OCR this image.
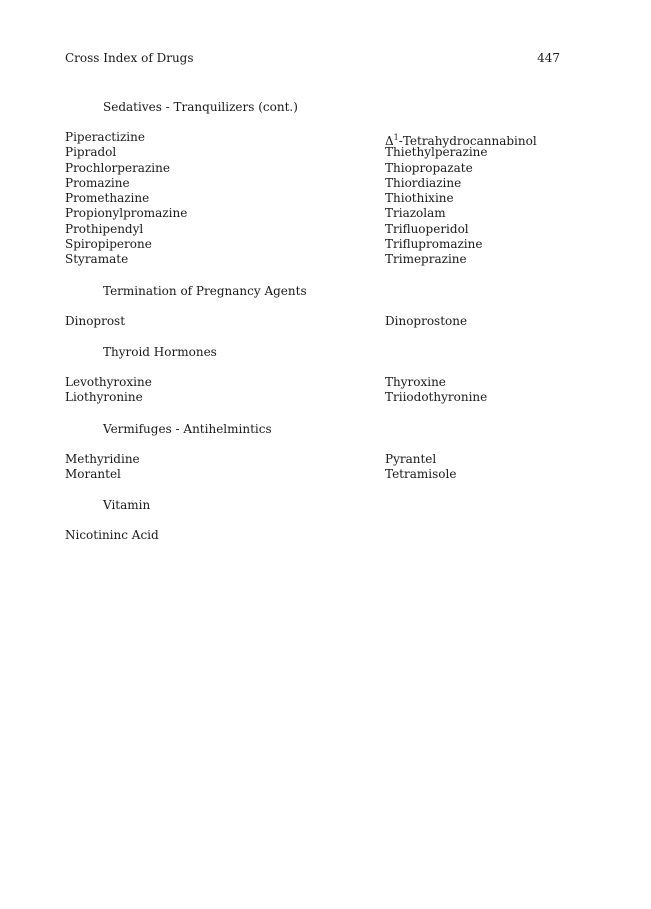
Cross Index of Drugs	447
Sedatives - Tranquilizers (cont.)
Piperactizine
Pipradol
Prochlorperazine
Promazine
Promethazine
Propionylpromazine
Prothipendyl
Spiropiperone
Styramate
$\Delta^1$-Tetrahydrocannabinol
Thiethylperazine
Thiopropazate
Thiordiazine
Thiothixine
Triazolam
Trifluoperidol
Triflupromazine
Trimeprazine
Termination of Pregnancy Agents
Dinoprost	Dinoprostone
Thyroid Hormones
Levothyroxine
Liothyronine
Thyroxine
Triiodothyronine
Vermifuges - Antihelmintics
Methyridine
Morantel
Pyrantel
Tetramisole
Vitamin
Nicotininc Acid
